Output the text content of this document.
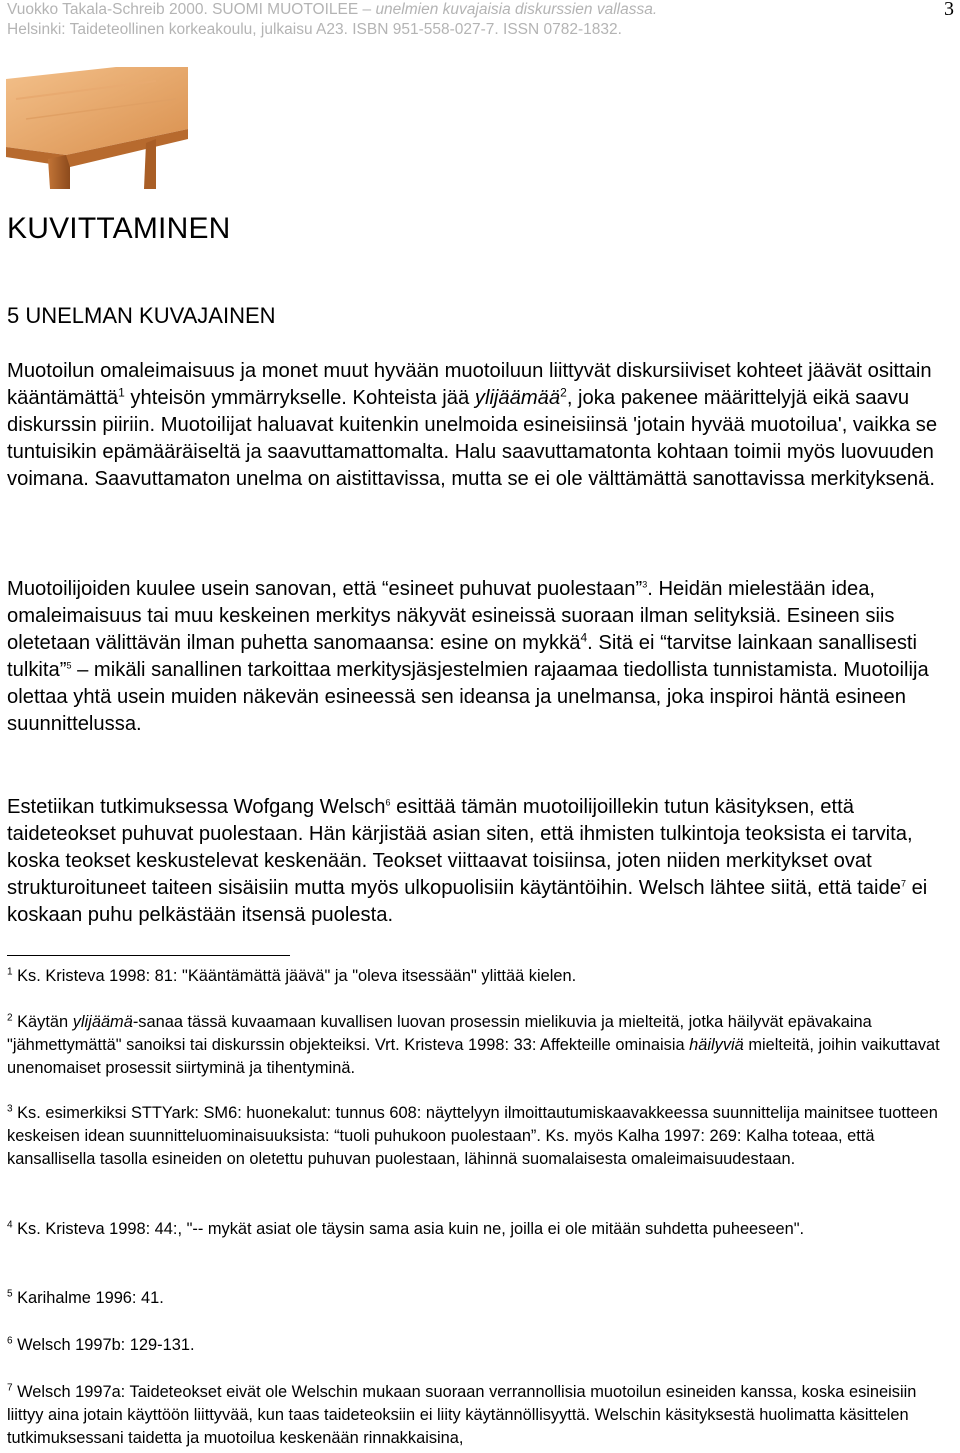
Vuokko Takala-Schreib 2000. SUOMI MUOTOILEE – unelmien kuvajaisia diskurssien vallassa.
Helsinki: Taideteollinen korkeakoulu, julkaisu A23. ISBN 951-558-027-7. ISSN 0782-1832.
3
KUVITTAMINEN
5 UNELMAN KUVAJAINEN

Muotoilun omaleimaisuus ja monet muut hyvään muotoiluun liittyvät diskursiiviset kohteet jäävät osittain kääntämättä$^1$ yhteisön ymmärrykselle. Kohteista jää ylijäämää$^2$, joka pakenee määrittelyjä eikä saavu diskurssin piiriin. Muotoilijat haluavat kuitenkin unelmoida esineisiinsä 'jotain hyvää muotoilua', vaikka se tuntuisikin epämääräiseltä ja saavuttamattomalta. Halu saavuttamatonta kohtaan toimii myös luovuuden voimana. Saavuttamaton unelma on aistittavissa, mutta se ei ole välttämättä sanottavissa merkityksenä.

Muotoilijoiden kuulee usein sanovan, että “esineet puhuvat puolestaan”$^3$. Heidän mielestään idea, omaleimaisuus tai muu keskeinen merkitys näkyvät esineissä suoraan ilman selityksiä. Esineen siis oletetaan välittävän ilman puhetta sanomaansa: esine on mykkä$^4$. Sitä ei “tarvitse lainkaan sanallisesti tulkita”$^5$ – mikäli sanallinen tarkoittaa merkitysjäsjestelmien rajaamaa tiedollista tunnistamista. Muotoilija olettaa yhtä usein muiden näkevän esineessä sen ideansa ja unelmansa, joka inspiroi häntä esineen suunnittelussa.

Estetiikan tutkimuksessa Wofgang Welsch$^6$ esittää tämän muotoilijoillekin tutun käsityksen, että taideteokset puhuvat puolestaan. Hän kärjistää asian siten, että ihmisten tulkintoja teoksista ei tarvita, koska teokset keskustelevat keskenään. Teokset viittaavat toisiinsa, joten niiden merkitykset ovat strukturoituneet taiteen sisäisiin mutta myös ulkopuolisiin käytäntöihin. Welsch lähtee siitä, että taide$^7$ ei koskaan puhu pelkästään itsensä puolesta.

$^1$ Ks. Kristeva 1998: 81: "Kääntämättä jäävä" ja "oleva itsessään" ylittää kielen.

$^2$ Käytän ylijäämä-sanaa tässä kuvaamaan kuvallisen luovan prosessin mielikuvia ja mielteitä, jotka häilyvät epävakaina "jähmettymättä" sanoiksi tai diskurssin objekteiksi. Vrt. Kristeva 1998: 33: Affekteille ominaisia häilyviä mielteitä, joihin vaikuttavat unenomaiset prosessit siirtyminä ja tihentyminä.

$^3$ Ks. esimerkiksi STTYark: SM6: huonekalut: tunnus 608: näyttelyyn ilmoittautumiskaavakkeessa suunnittelija mainitsee tuotteen keskeisen idean suunnitteluominaisuuksista: “tuoli puhukoon puolestaan”. Ks. myös Kalha 1997: 269: Kalha toteaa, että kansallisella tasolla esineiden on oletettu puhuvan puolestaan, lähinnä suomalaisesta omaleimaisuudestaan.

$^4$ Ks. Kristeva 1998: 44:, "-- mykät asiat ole täysin sama asia kuin ne, joilla ei ole mitään suhdetta puheeseen".

$^5$ Karihalme 1996: 41.

$^6$ Welsch 1997b: 129-131.

$^7$ Welsch 1997a: Taideteokset eivät ole Welschin mukaan suoraan verrannollisia muotoilun esineiden kanssa, koska esineisiin liittyy aina jotain käyttöön liittyvää, kun taas taideteoksiin ei liity käytännöllisyyttä. Welschin käsityksestä huolimatta käsittelen tutkimuksessani taidetta ja muotoilua keskenään rinnakkaisina,
